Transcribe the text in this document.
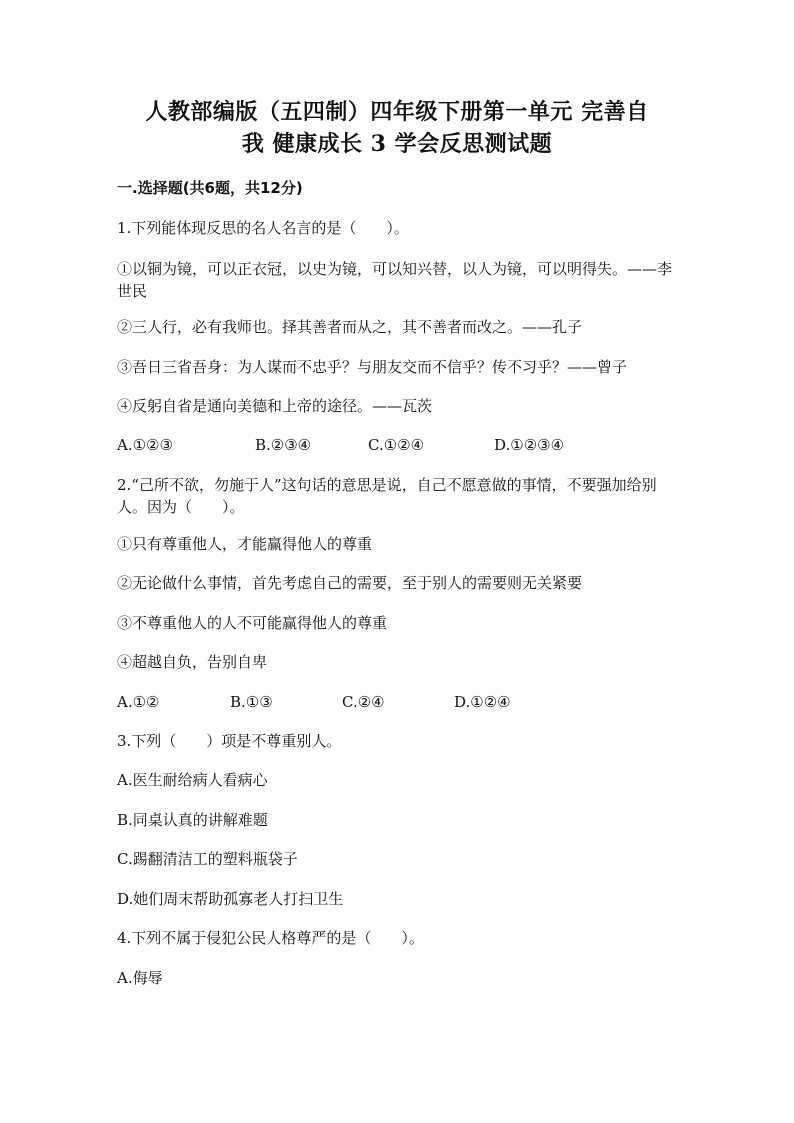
人教部编版（五四制）四年级下册第一单元 完善自
我 健康成长 3 学会反思测试题
一.选择题(共6题，共12分)
1.下列能体现反思的名人名言的是（　　）。
①以铜为镜，可以正衣冠，以史为镜，可以知兴替，以人为镜，可以明得失。——李世民
②三人行，必有我师也。择其善者而从之，其不善者而改之。——孔子
③吾日三省吾身：为人谋而不忠乎？与朋友交而不信乎？传不习乎？——曾子
④反躬自省是通向美德和上帝的途径。——瓦茨
A.①②③	B.②③④	C.①②④	D.①②③④
2.“己所不欲，勿施于人”这句话的意思是说，自己不愿意做的事情，不要强加给别人。因为（　　）。
①只有尊重他人，才能赢得他人的尊重
②无论做什么事情，首先考虑自己的需要，至于别人的需要则无关紧要
③不尊重他人的人不可能赢得他人的尊重
④超越自负，告别自卑
A.①②	B.①③	C.②④	D.①②④
3.下列（　　）项是不尊重别人。
A.医生耐给病人看病心
B.同桌认真的讲解难题
C.踢翻清洁工的塑料瓶袋子
D.她们周末帮助孤寡老人打扫卫生
4.下列不属于侵犯公民人格尊严的是（　　）。
A.侮辱
